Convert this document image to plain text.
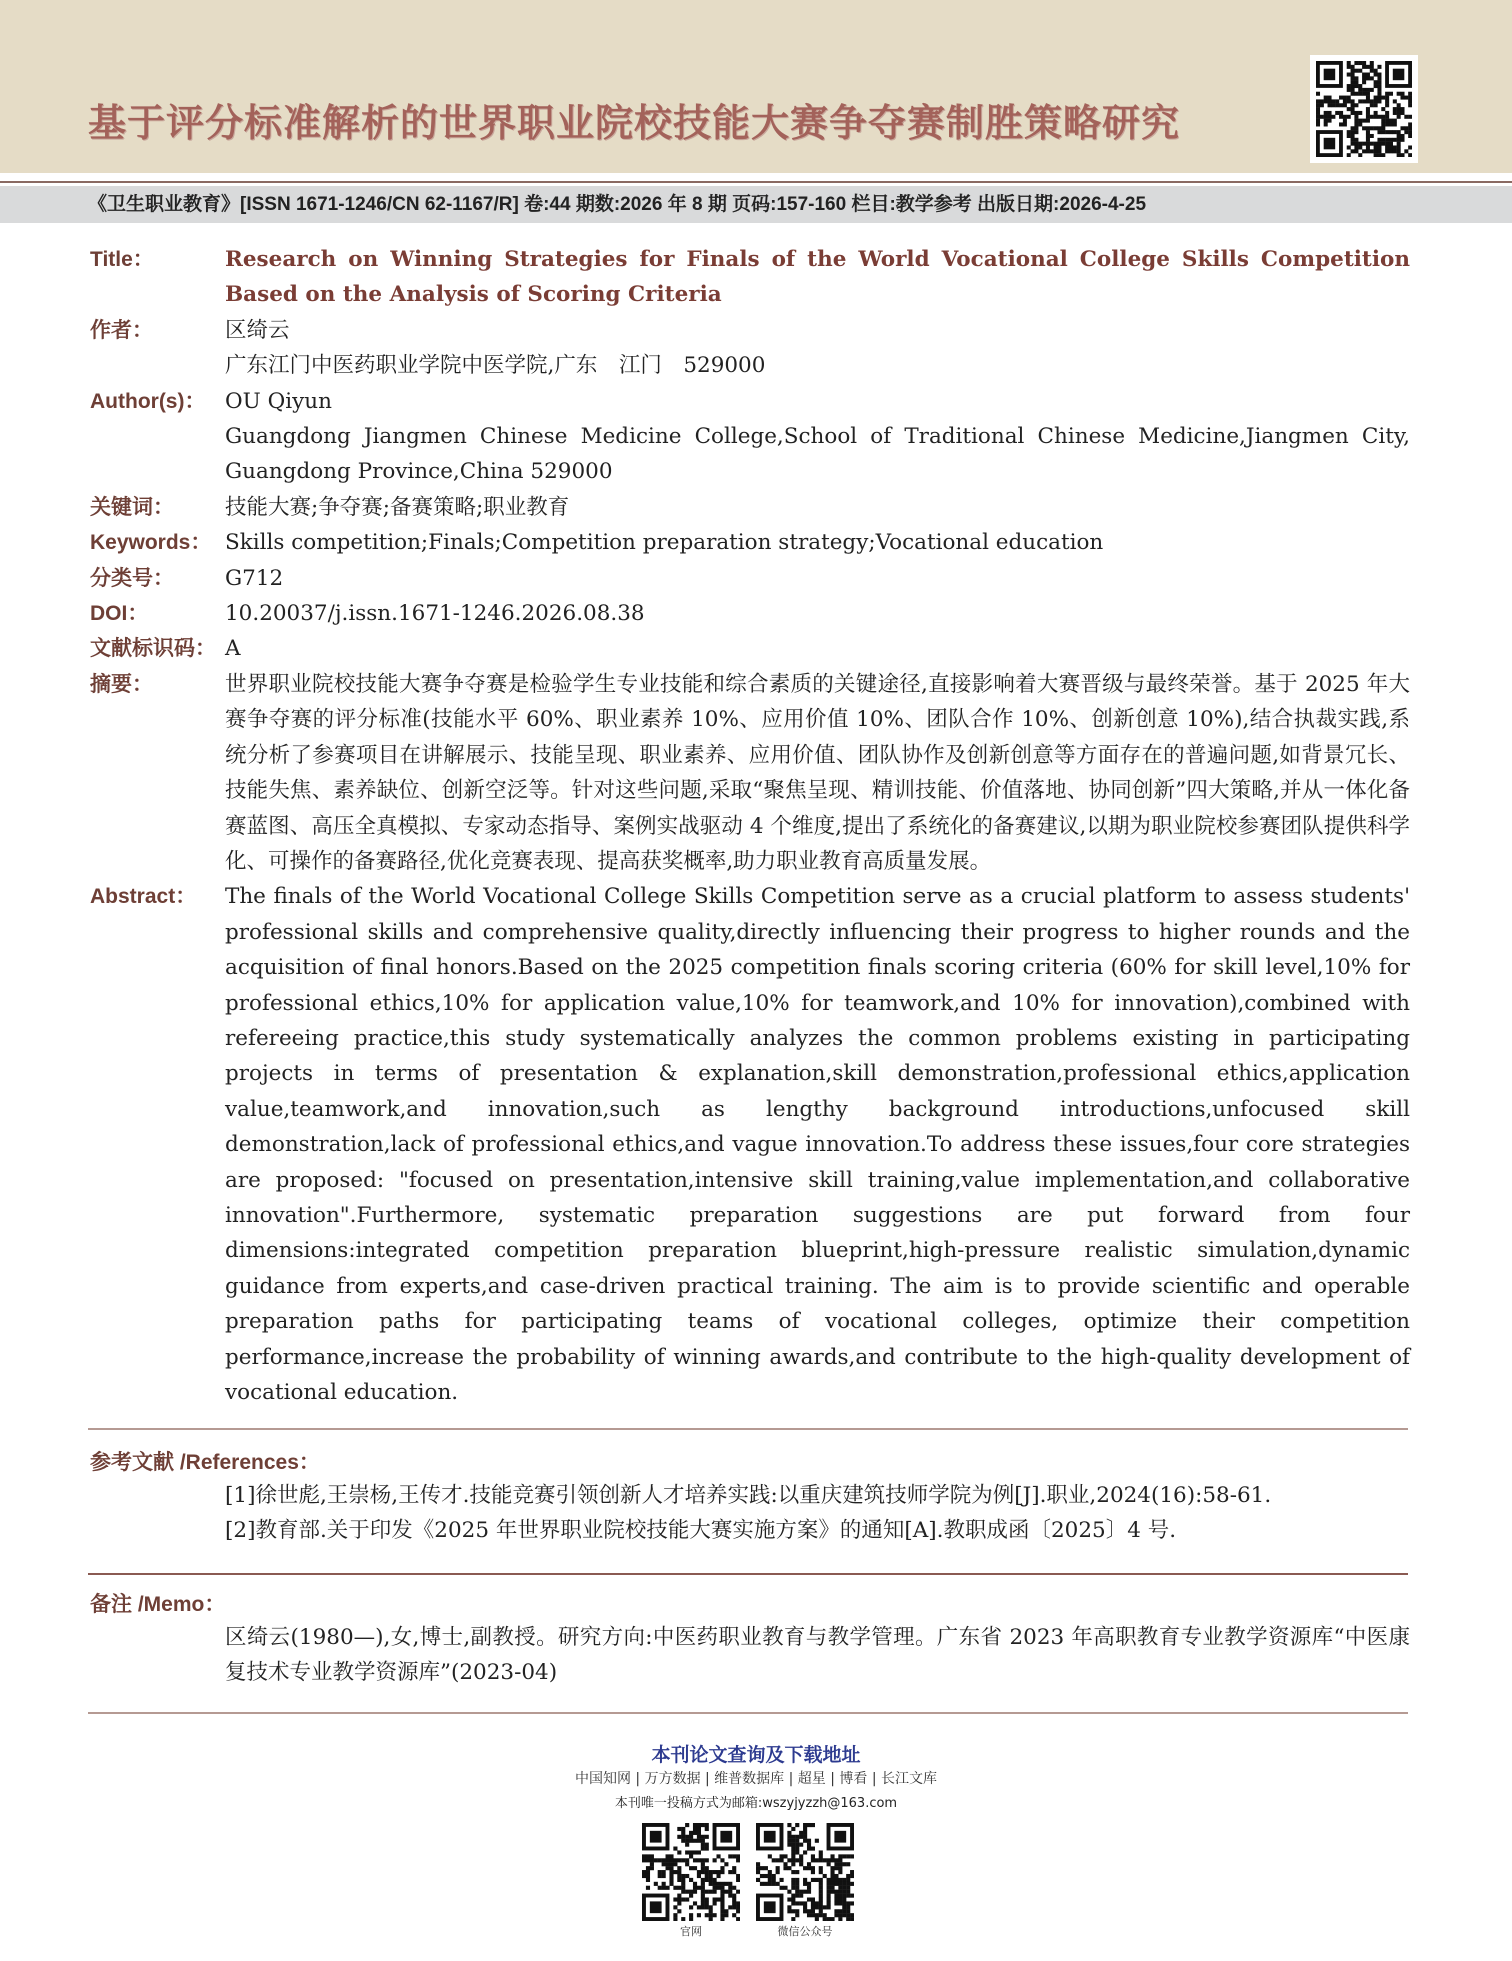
基于评分标准解析的世界职业院校技能大赛争夺赛制胜策略研究
《卫生职业教育》[ISSN 1671-1246/CN 62-1167/R] 卷:44 期数:2026 年 8 期 页码:157-160 栏目:教学参考 出版日期:2026-4-25
Title：	Research on Winning Strategies for Finals of the World Vocational College Skills Competition Based on the Analysis of Scoring Criteria

作者：	区绮云

广东江门中医药职业学院中医学院,广东　江门　529000

Author(s)： OU Qiyun

Guangdong Jiangmen Chinese Medicine College,School of Traditional Chinese Medicine,Jiangmen City, Guangdong Province,China 529000

关键词：	技能大赛;争夺赛;备赛策略;职业教育

Keywords： Skills competition;Finals;Competition preparation strategy;Vocational education

分类号：	G712

DOI：	10.20037/j.issn.1671-1246.2026.08.38

文献标识码： A

摘要：	世界职业院校技能大赛争夺赛是检验学生专业技能和综合素质的关键途径,直接影响着大赛晋级与最终荣誉。基于 2025 年大赛争夺赛的评分标准(技能水平 60%、职业素养 10%、应用价值 10%、团队合作 10%、创新创意 10%),结合执裁实践,系统分析了参赛项目在讲解展示、技能呈现、职业素养、应用价值、团队协作及创新创意等方面存在的普遍问题,如背景冗长、技能失焦、素养缺位、创新空泛等。针对这些问题,采取“聚焦呈现、精训技能、价值落地、协同创新”四大策略,并从一体化备赛蓝图、高压全真模拟、专家动态指导、案例实战驱动 4 个维度,提出了系统化的备赛建议,以期为职业院校参赛团队提供科学化、可操作的备赛路径,优化竞赛表现、提高获奖概率,助力职业教育高质量发展。

Abstract：	The finals of the World Vocational College Skills Competition serve as a crucial platform to assess students' professional skills and comprehensive quality,directly influencing their progress to higher rounds and the acquisition of final honors.Based on the 2025 competition finals scoring criteria (60% for skill level,10% for professional ethics,10% for application value,10% for teamwork,and 10% for innovation),combined with refereeing practice,this study systematically analyzes the common problems existing in participating projects in terms of presentation & explanation,skill demonstration,professional ethics,application value,teamwork,and innovation,such as lengthy background introductions,unfocused skill demonstration,lack of professional ethics,and vague innovation.To address these issues,four core strategies are proposed: "focused on presentation,intensive skill training,value implementation,and collaborative innovation".Furthermore, systematic preparation suggestions are put forward from four dimensions:integrated competition preparation blueprint,high-pressure realistic simulation,dynamic guidance from experts,and case-driven practical training. The aim is to provide scientific and operable preparation paths for participating teams of vocational colleges, optimize their competition performance,increase the probability of winning awards,and contribute to the high-quality development of vocational education.

参考文献 /References：
[1]徐世彪,王崇杨,王传才.技能竞赛引领创新人才培养实践:以重庆建筑技师学院为例[J].职业,2024(16):58-61.
[2]教育部.关于印发《2025 年世界职业院校技能大赛实施方案》的通知[A].教职成函〔2025〕4 号.
备注 /Memo：
区绮云(1980—),女,博士,副教授。研究方向:中医药职业教育与教学管理。广东省 2023 年高职教育专业教学资源库“中医康复技术专业教学资源库”(2023-04)
本刊论文查询及下载地址
中国知网 | 万方数据 | 维普数据库 | 超星 | 博看 | 长江文库
本刊唯一投稿方式为邮箱:wszyjyzzh@163.com
官网	微信公众号
